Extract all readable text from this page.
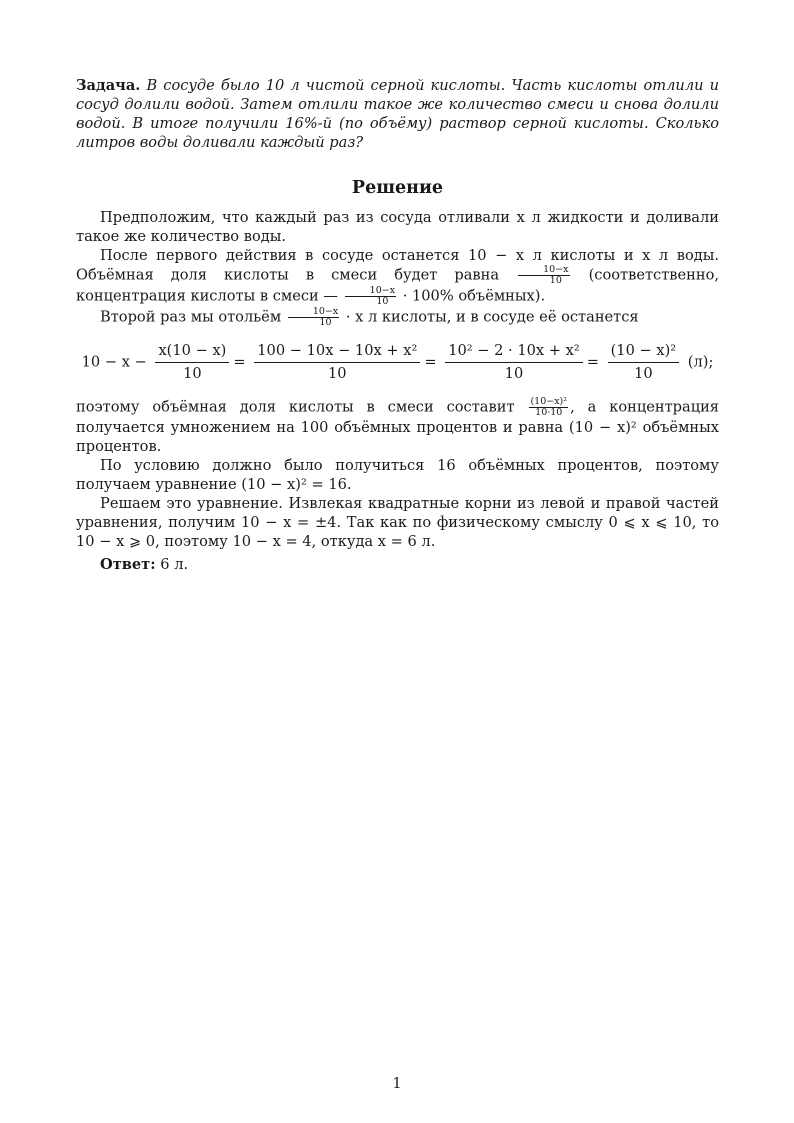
Задача. В сосуде было 10 л чистой серной кислоты. Часть кислоты отлили и сосуд долили водой. Затем отлили такое же количество смеси и снова долили водой. В итоге получили 16%-й (по объёму) раствор серной кислоты. Сколько литров воды доливали каждый раз?

Решение

Предположим, что каждый раз из сосуда отливали x л жидкости и доливали такое же количество воды.

После первого действия в сосуде останется 10 − x л кислоты и x л воды. Объёмная доля кислоты в смеси будет равна $\frac{10-x}{10}$ (соответственно, концентрация кислоты в смеси — $\frac{10-x}{10} \cdot 100\%$ объёмных).

Второй раз мы отольём $\frac{10-x}{10} \cdot x$ л кислоты, и в сосуде её останется

$10 - x - \frac{x(10 - x)}{10} = \frac{\text{100 − 10x − 10x + x²}}{10} = \frac{\text{10² − 2 · 10x + x²}}{10} = \frac{\text{(10 − x)²}}{10} (л)$;

поэтому объёмная доля кислоты в смеси составит $\frac{\text{(10−x)²}}{10\cdot 10}$ , а концентрация получается умножением на 100 объёмных процентов и равна (10 − x)² объёмных процентов.

По условию должно было получиться 16 объёмных процентов, поэтому получаем уравнение (10 − x)² = 16.

Решаем это уравнение. Извлекая квадратные корни из левой и правой частей уравнения, получим 10 − x = ±4. Так как по физическому смыслу 0 ⩽ x ⩽ 10, то 10 − x ⩾ 0, поэтому 10 − x = 4, откуда x = 6 л.

Ответ: 6 л.

1
